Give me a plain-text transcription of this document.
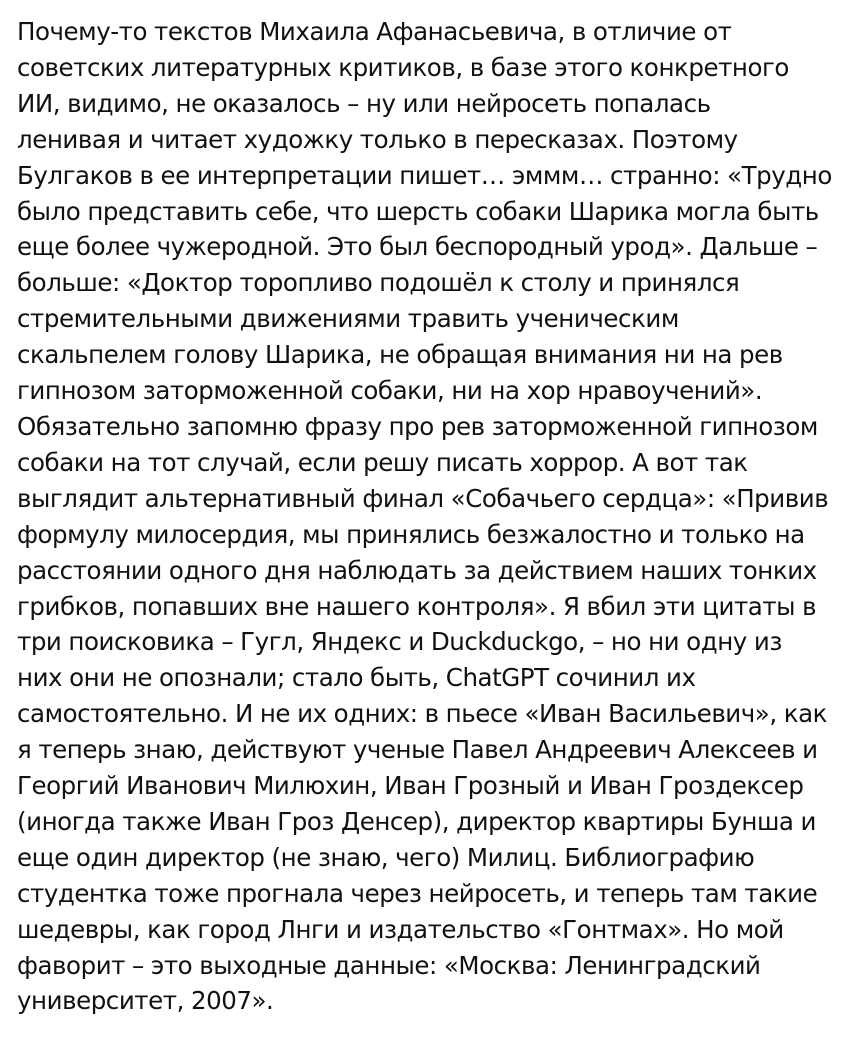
Почему-то текстов Михаила Афанасьевича, в отличие от
советских литературных критиков, в базе этого конкретного
ИИ, видимо, не оказалось – ну или нейросеть попалась
ленивая и читает художку только в пересказах. Поэтому
Булгаков в ее интерпретации пишет… эммм… странно: «Трудно
было представить себе, что шерсть собаки Шарика могла быть
еще более чужеродной. Это был беспородный урод». Дальше –
больше: «Доктор торопливо подошёл к столу и принялся
стремительными движениями травить ученическим
скальпелем голову Шарика, не обращая внимания ни на рев
гипнозом заторможенной собаки, ни на хор нравоучений».
Обязательно запомню фразу про рев заторможенной гипнозом
собаки на тот случай, если решу писать хоррор. А вот так
выглядит альтернативный финал «Собачьего сердца»: «Привив
формулу милосердия, мы принялись безжалостно и только на
расстоянии одного дня наблюдать за действием наших тонких
грибков, попавших вне нашего контроля». Я вбил эти цитаты в
три поисковика – Гугл, Яндекс и Duckduckgo, – но ни одну из
них они не опознали; стало быть, ChatGPT сочинил их
самостоятельно. И не их одних: в пьесе «Иван Васильевич», как
я теперь знаю, действуют ученые Павел Андреевич Алексеев и
Георгий Иванович Милюхин, Иван Грозный и Иван Гроздексер
(иногда также Иван Гроз Денсер), директор квартиры Бунша и
еще один директор (не знаю, чего) Милиц. Библиографию
студентка тоже прогнала через нейросеть, и теперь там такие
шедевры, как город Лнги и издательство «Гонтмах». Но мой
фаворит – это выходные данные: «Москва: Ленинградский
университет, 2007».
